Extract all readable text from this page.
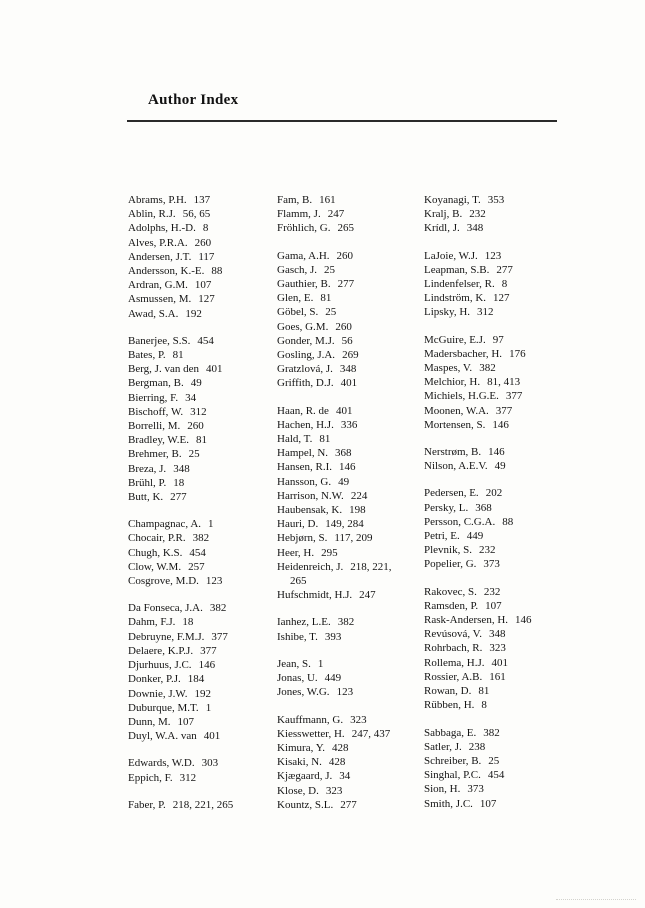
Author Index
Abrams, P.H. 137
Ablin, R.J. 56, 65
Adolphs, H.-D. 8
Alves, P.R.A. 260
Andersen, J.T. 117
Andersson, K.-E. 88
Ardran, G.M. 107
Asmussen, M. 127
Awad, S.A. 192
Banerjee, S.S. 454
Bates, P. 81
Berg, J. van den 401
Bergman, B. 49
Bierring, F. 34
Bischoff, W. 312
Borrelli, M. 260
Bradley, W.E. 81
Brehmer, B. 25
Breza, J. 348
Brühl, P. 18
Butt, K. 277
Champagnac, A. 1
Chocair, P.R. 382
Chugh, K.S. 454
Clow, W.M. 257
Cosgrove, M.D. 123
Da Fonseca, J.A. 382
Dahm, F.J. 18
Debruyne, F.M.J. 377
Delaere, K.P.J. 377
Djurhuus, J.C. 146
Donker, P.J. 184
Downie, J.W. 192
Duburque, M.T. 1
Dunn, M. 107
Duyl, W.A. van 401
Edwards, W.D. 303
Eppich, F. 312
Faber, P. 218, 221, 265
Fam, B. 161
Flamm, J. 247
Fröhlich, G. 265
Gama, A.H. 260
Gasch, J. 25
Gauthier, B. 277
Glen, E. 81
Göbel, S. 25
Goes, G.M. 260
Gonder, M.J. 56
Gosling, J.A. 269
Gratzlová, J. 348
Griffith, D.J. 401
Haan, R. de 401
Hachen, H.J. 336
Hald, T. 81
Hampel, N. 368
Hansen, R.I. 146
Hansson, G. 49
Harrison, N.W. 224
Haubensak, K. 198
Hauri, D. 149, 284
Hebjørn, S. 117, 209
Heer, H. 295
Heidenreich, J. 218, 221,
265
Hufschmidt, H.J. 247
Ianhez, L.E. 382
Ishibe, T. 393
Jean, S. 1
Jonas, U. 449
Jones, W.G. 123
Kauffmann, G. 323
Kiesswetter, H. 247, 437
Kimura, Y. 428
Kisaki, N. 428
Kjægaard, J. 34
Klose, D. 323
Kountz, S.L. 277
Koyanagi, T. 353
Kralj, B. 232
Krídl, J. 348
LaJoie, W.J. 123
Leapman, S.B. 277
Lindenfelser, R. 8
Lindström, K. 127
Lipsky, H. 312
McGuire, E.J. 97
Madersbacher, H. 176
Maspes, V. 382
Melchior, H. 81, 413
Michiels, H.G.E. 377
Moonen, W.A. 377
Mortensen, S. 146
Nerstrøm, B. 146
Nilson, A.E.V. 49
Pedersen, E. 202
Persky, L. 368
Persson, C.G.A. 88
Petri, E. 449
Plevnik, S. 232
Popelier, G. 373
Rakovec, S. 232
Ramsden, P. 107
Rask-Andersen, H. 146
Revúsová, V. 348
Rohrbach, R. 323
Rollema, H.J. 401
Rossier, A.B. 161
Rowan, D. 81
Rübben, H. 8
Sabbaga, E. 382
Satler, J. 238
Schreiber, B. 25
Singhal, P.C. 454
Sion, H. 373
Smith, J.C. 107
